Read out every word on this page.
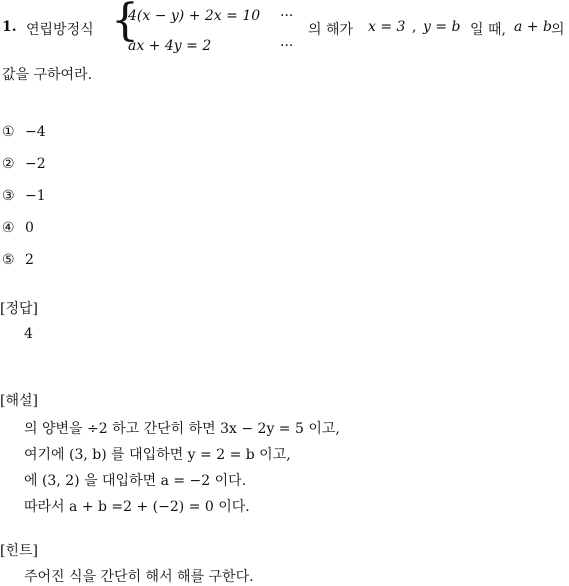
1. 연립방정식 {
4(x − y) + 2x = 10 ···
ax + 4y = 2	···
의 해가 x = 3 , y = b 일 때, a + b 의
값을 구하여라.
① −4
② −2
③ −1
④ 0
⑤ 2
[정답]
4
[해설]
의 양변을 ÷2 하고 간단히 하면 3x − 2y = 5 이고,
여기에 (3, b) 를 대입하면 y = 2 = b 이고,
에 (3, 2) 을 대입하면 a = −2 이다.
따라서 a + b =2 + (−2) = 0 이다.
[힌트]
주어진 식을 간단히 해서 해를 구한다.
